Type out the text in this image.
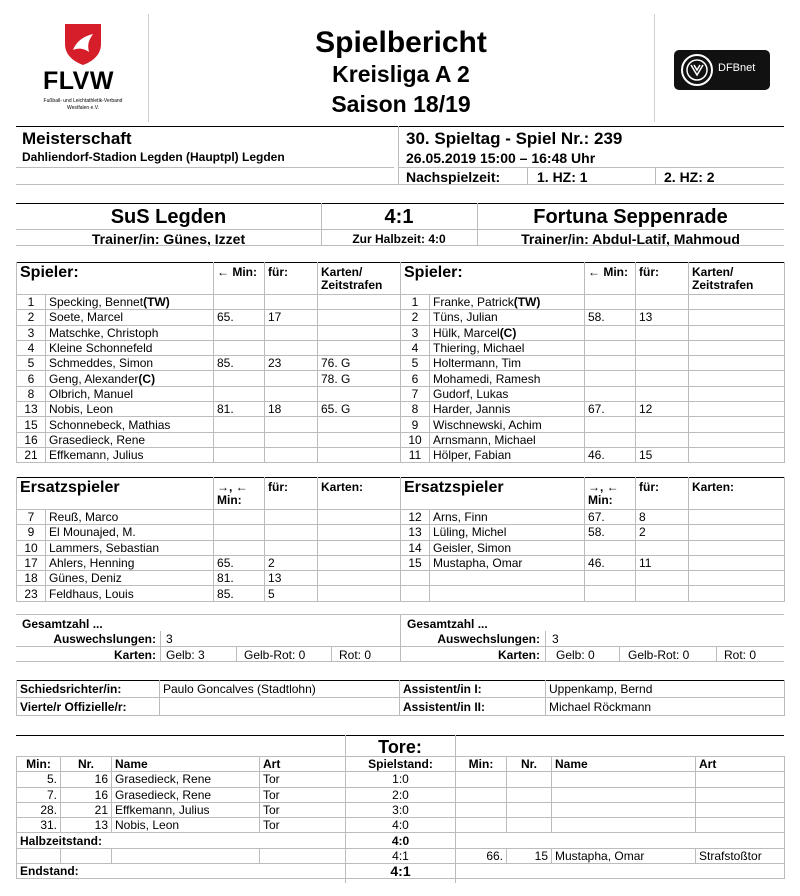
FLVW
Fußball- und Leichtathletik-Verband
Westfalen e.V.
Spielbericht
Kreisliga A 2
Saison 18/19
DFBnet
Meisterschaft
Dahliendorf-Stadion Legden (Hauptpl) Legden
30. Spieltag - Spiel Nr.: 239
26.05.2019 15:00 – 16:48 Uhr
Nachspielzeit:	1. HZ: 1	2. HZ: 2
SuS Legden	4:1	Fortuna Seppenrade
Trainer/in: Günes, Izzet	Zur Halbzeit: 4:0	Trainer/in: Abdul-Latif, Mahmoud
Spieler:		← Min:	für:	Karten/ Zeitstrafen
1	Specking, Bennet(TW)			
2	Soete, Marcel	65.	17	
3	Matschke, Christoph			
4	Kleine Schonnefeld			
5	Schmeddes, Simon	85.	23	76. G
6	Geng, Alexander(C)			78. G
8	Olbrich, Manuel			
13	Nobis, Leon	81.	18	65. G
15	Schonnebeck, Mathias			
16	Grasedieck, Rene			
21	Effkemann, Julius			
Spieler:		← Min:	für:	Karten/ Zeitstrafen
1	Franke, Patrick(TW)			
2	Tüns, Julian	58.	13	
3	Hülk, Marcel(C)			
4	Thiering, Michael			
5	Holtermann, Tim			
6	Mohamedi, Ramesh			
7	Gudorf, Lukas			
8	Harder, Jannis	67.	12	
9	Wischnewski, Achim			
10	Arnsmann, Michael			
11	Hölper, Fabian	46.	15	
Ersatzspieler		→, ← Min:	für:	Karten:
7	Reuß, Marco			
9	El Mounajed, M.			
10	Lammers, Sebastian			
17	Ahlers, Henning	65.	2	
18	Günes, Deniz	81.	13	
23	Feldhaus, Louis	85.	5	
Ersatzspieler		→, ← Min:	für:	Karten:
12	Arns, Finn	67.	8	
13	Lüling, Michel	58.	2	
14	Geisler, Simon			
15	Mustapha, Omar	46.	11	

Gesamtzahl ...
Auswechslungen: 3
Karten: Gelb: 3	Gelb-Rot: 0	Rot: 0
Gesamtzahl ...
Auswechslungen: 3
Karten: Gelb: 0	Gelb-Rot: 0	Rot: 0
Schiedsrichter/in:	Paulo Goncalves (Stadtlohn)	Assistent/in I:	Uppenkamp, Bernd
Vierte/r Offizielle/r:		Assistent/in II:	Michael Röckmann
Tore:
Min:	Nr.	Name	Art	Spielstand:	Min:	Nr.	Name	Art
5.	16	Grasedieck, Rene	Tor	1:0				
7.	16	Grasedieck, Rene	Tor	2:0				
28.	21	Effkemann, Julius	Tor	3:0				
31.	13	Nobis, Leon	Tor	4:0				
Halbzeitstand:				4:0				
				4:1	66.	15	Mustapha, Omar	Strafstoßtor
Endstand:				4:1				
